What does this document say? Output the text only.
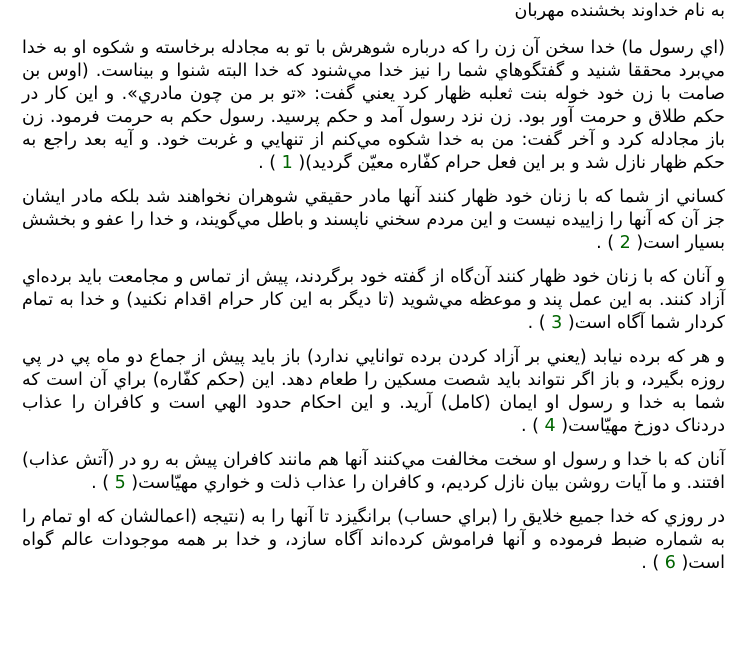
به نام خداوند بخشنده مهربان

(اي رسول ما) خدا سخن آن زن را كه درباره شوهرش با تو به مجادله برخاسته و شكوه او به خدا مي‌برد محققا شنيد و گفتگوهاي شما را نيز خدا مي‌شنود كه خدا البته شنوا و بيناست. (اوس بن صامت با زن خود خوله بنت ثعلبه ظهار كرد يعني گفت: «تو بر من چون مادري». و اين كار در حكم طلاق و حرمت آور بود. زن نزد رسول آمد و حكم پرسيد. رسول حكم به حرمت فرمود. زن باز مجادله كرد و آخر گفت: من به خدا شكوه مي‌كنم از تنهايي و غربت خود. و آيه بعد راجع به حكم ظهار نازل شد و بر اين فعل حرام كفّاره معيّن گرديد)( 1 ) .

كساني از شما كه با زنان خود ظهار كنند آنها مادر حقيقي شوهران نخواهند شد بلكه مادر ايشان جز آن كه آنها را زاييده نيست و اين مردم سخني ناپسند و باطل مي‌گويند، و خدا را عفو و بخشش بسيار است( 2 ) .

و آنان كه با زنان خود ظهار كنند آن‌گاه از گفته خود برگردند، پيش از تماس و مجامعت بايد برده‌اي آزاد كنند. به اين عمل پند و موعظه مي‌شويد (تا ديگر به اين كار حرام اقدام نكنيد) و خدا به تمام كردار شما آگاه است( 3 ) .

و هر كه برده نيابد (يعني بر آزاد كردن برده توانايي ندارد) باز بايد پيش از جماع دو ماه پي در پي روزه بگيرد، و باز اگر نتواند بايد شصت مسكين را طعام دهد. اين (حكم كفّاره) براي آن است كه شما به خدا و رسول او ايمان (كامل) آريد. و اين احكام حدود الهي است و كافران را عذاب دردناک دوزخ مهيّاست( 4 ) .

آنان كه با خدا و رسول او سخت مخالفت مي‌كنند آنها هم مانند كافران پيش به رو در (آتش عذاب) افتند. و ما آيات روشن بيان نازل كرديم، و كافران را عذاب ذلت و خواري مهيّاست( 5 ) .

در روزي كه خدا جميع خلايق را (براي حساب) برانگيزد تا آنها را به (نتيجه (اعمالشان كه او تمام را به شماره ضبط فرموده و آنها فراموش كرده‌اند آگاه سازد، و خدا بر همه موجودات عالم گواه است( 6 ) .
